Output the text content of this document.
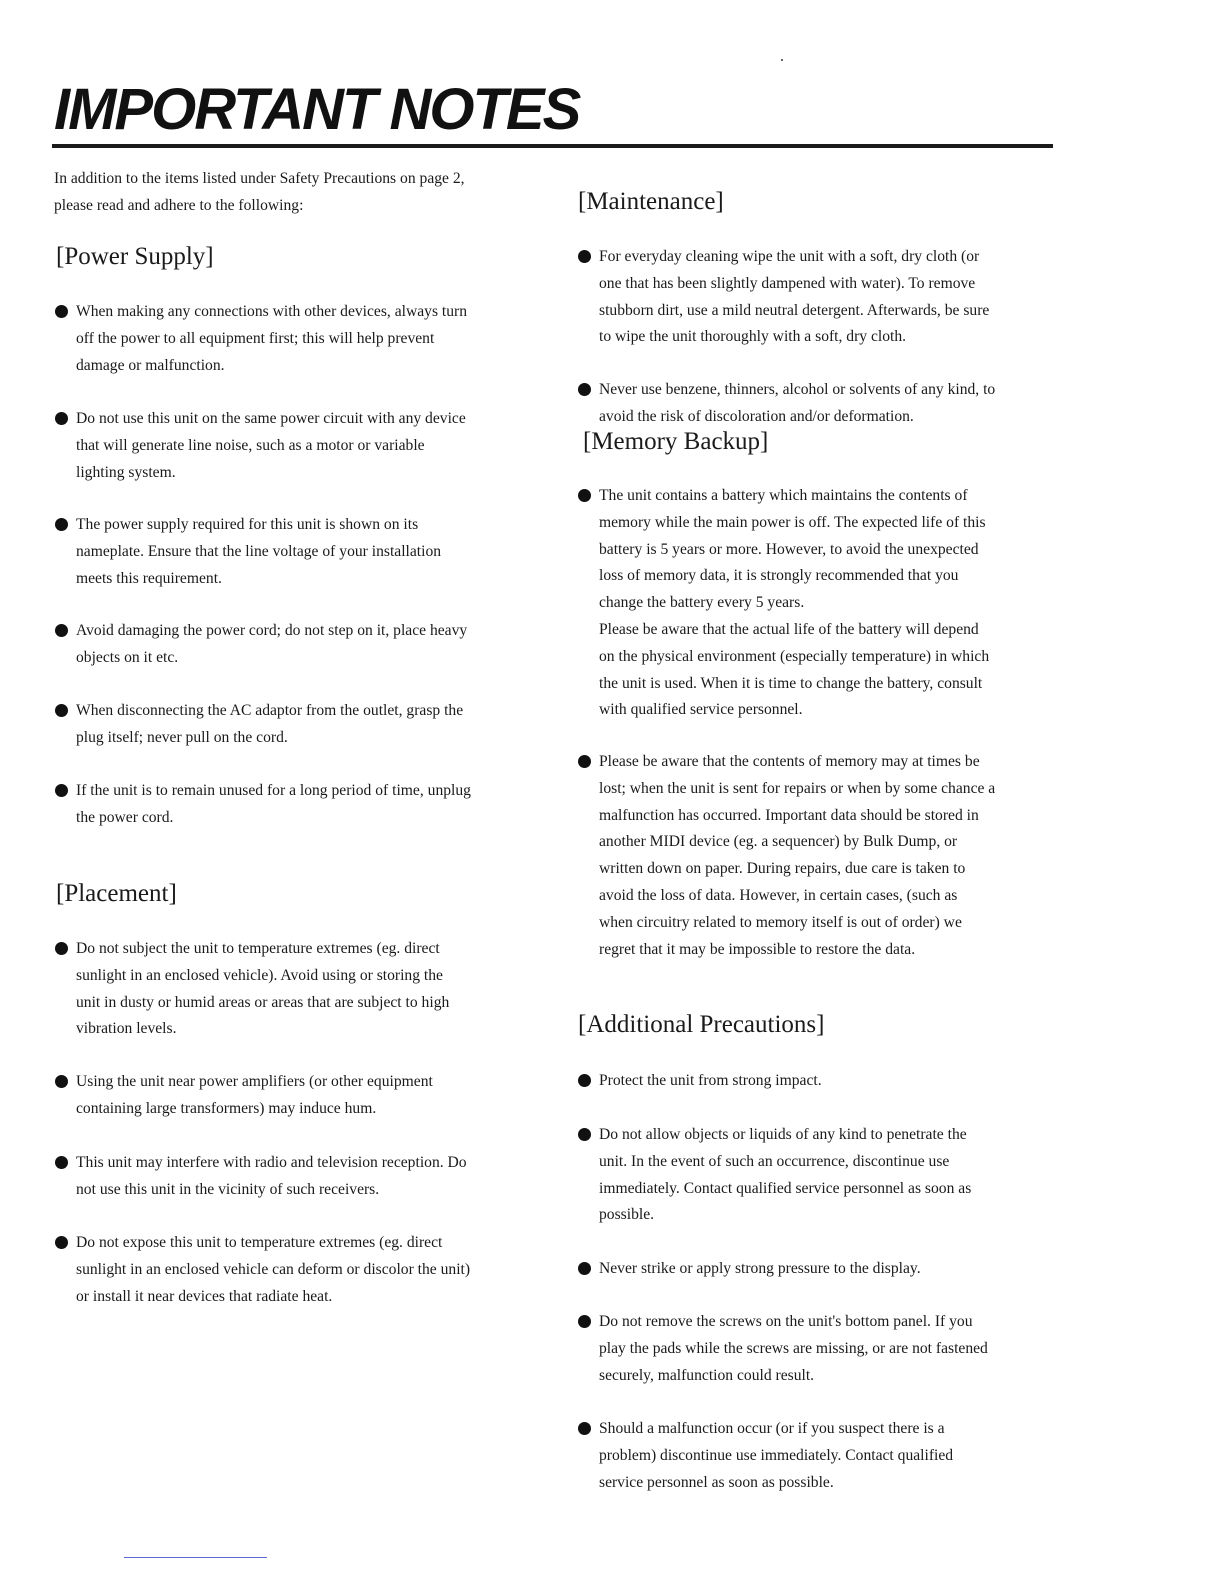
IMPORTANT NOTES
In addition to the items listed under Safety Precautions on page 2,
please read and adhere to the following:
[Power Supply]
When making any connections with other devices, always turn
off the power to all equipment first; this will help prevent
damage or malfunction.
Do not use this unit on the same power circuit with any device
that will generate line noise, such as a motor or variable
lighting system.
The power supply required for this unit is shown on its
nameplate. Ensure that the line voltage of your installation
meets this requirement.
Avoid damaging the power cord; do not step on it, place heavy
objects on it etc.
When disconnecting the AC adaptor from the outlet, grasp the
plug itself; never pull on the cord.
If the unit is to remain unused for a long period of time, unplug
the power cord.
[Placement]
Do not subject the unit to temperature extremes (eg. direct
sunlight in an enclosed vehicle). Avoid using or storing the
unit in dusty or humid areas or areas that are subject to high
vibration levels.
Using the unit near power amplifiers (or other equipment
containing large transformers) may induce hum.
This unit may interfere with radio and television reception. Do
not use this unit in the vicinity of such receivers.
Do not expose this unit to temperature extremes (eg. direct
sunlight in an enclosed vehicle can deform or discolor the unit)
or install it near devices that radiate heat.
[Maintenance]
For everyday cleaning wipe the unit with a soft, dry cloth (or
one that has been slightly dampened with water). To remove
stubborn dirt, use a mild neutral detergent. Afterwards, be sure
to wipe the unit thoroughly with a soft, dry cloth.
Never use benzene, thinners, alcohol or solvents of any kind, to
avoid the risk of discoloration and/or deformation.
[Memory Backup]
The unit contains a battery which maintains the contents of
memory while the main power is off. The expected life of this
battery is 5 years or more. However, to avoid the unexpected
loss of memory data, it is strongly recommended that you
change the battery every 5 years.
Please be aware that the actual life of the battery will depend
on the physical environment (especially temperature) in which
the unit is used. When it is time to change the battery, consult
with qualified service personnel.
Please be aware that the contents of memory may at times be
lost; when the unit is sent for repairs or when by some chance a
malfunction has occurred. Important data should be stored in
another MIDI device (eg. a sequencer) by Bulk Dump, or
written down on paper. During repairs, due care is taken to
avoid the loss of data. However, in certain cases, (such as
when circuitry related to memory itself is out of order) we
regret that it may be impossible to restore the data.
[Additional Precautions]
Protect the unit from strong impact.
Do not allow objects or liquids of any kind to penetrate the
unit. In the event of such an occurrence, discontinue use
immediately. Contact qualified service personnel as soon as
possible.
Never strike or apply strong pressure to the display.
Do not remove the screws on the unit's bottom panel. If you
play the pads while the screws are missing, or are not fastened
securely, malfunction could result.
Should a malfunction occur (or if you suspect there is a
problem) discontinue use immediately. Contact qualified
service personnel as soon as possible.
